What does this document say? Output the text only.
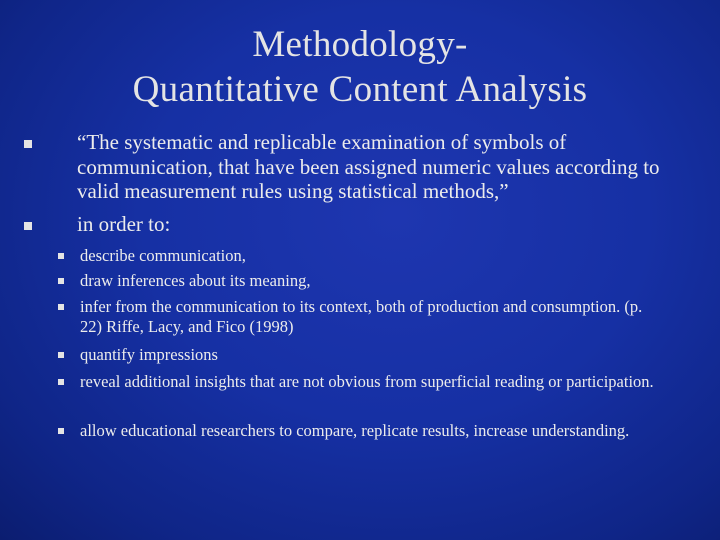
Methodology-
Quantitative Content Analysis
“The systematic and replicable examination of symbols of communication, that have been assigned numeric values according to valid measurement rules using statistical methods,”
in order to:
describe communication,
draw inferences about its meaning,
infer from the communication to its context, both of production and consumption. (p. 22) Riffe, Lacy, and Fico (1998)
quantify impressions
reveal additional insights that are not obvious from superficial reading or participation.
allow educational researchers to compare, replicate results, increase understanding.
